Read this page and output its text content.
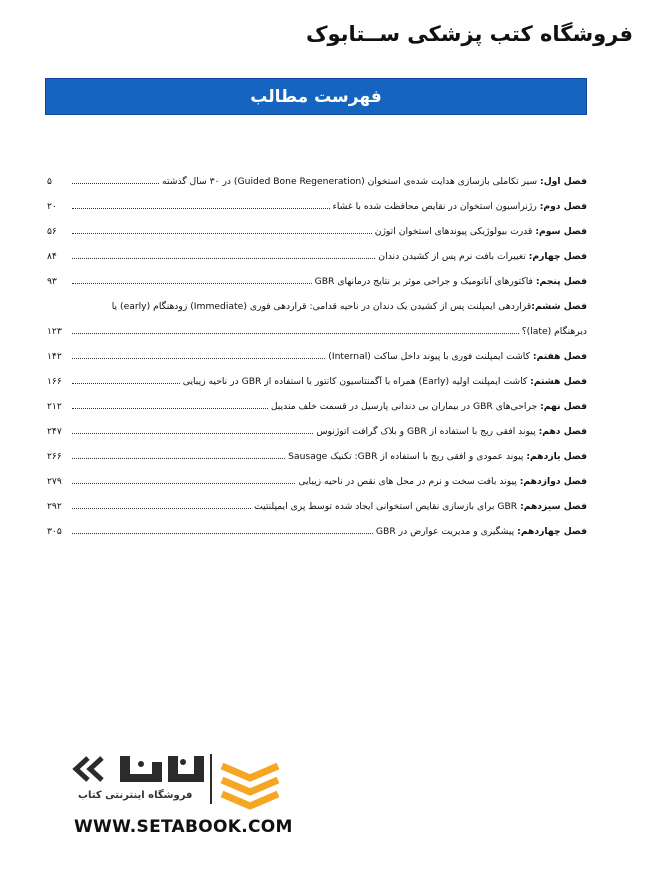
فروشگاه کتب پزشکی ســتابوک
فهرست مطالب
فصل اول: سیر تکاملی بازسازی هدایت شده‌ی استخوان (Guided Bone Regeneration) در ۳۰ سال گذشته
۵
فصل دوم: رژنراسیون استخوان در نقایص محافظت شده با غشاء
۲۰
فصل سوم: قدرت بیولوژیکی پیوندهای استخوان اتوژن
۵۶
فصل چهارم: تغییرات بافت نرم پس از کشیدن دندان
۸۴
فصل پنجم: فاکتورهای آناتومیک و جراحی موثر بر نتایج درمانهای GBR
۹۳
فصل ششم:
قراردهی ایمپلنت پس از کشیدن یک دندان در ناحیه قدامی: قراردهی فوری (Immediate) زودهنگام (early) یا
دیرهنگام (late)؟
۱۲۳
فصل هفتم: کاشت ایمپلنت فوری با پیوند داخل ساکت (Internal)
۱۴۲
فصل هشتم: کاشت ایمپلنت اولیه (Early) همراه با آگمنتاسیون کانتور با استفاده از GBR در ناحیه زیبایی
۱۶۶
فصل نهم: جراحی‌های GBR در بیماران بی دندانی پارسیل در قسمت خلف مندیبل
۲۱۲
فصل دهم: پیوند افقی ریج با استفاده از GBR و بلاک گرافت اتوژنوس
۲۴۷
فصل یازدهم: پیوند عمودی و افقی ریج با استفاده از GBR: تکنیک Sausage
۲۶۶
فصل دوازدهم: پیوند بافت سخت و نرم در محل های نقص در ناحیه زیبایی
۲۷۹
فصل سیزدهم: GBR برای بازسازی نقایص استخوانی ایجاد شده توسط پری ایمپلنتیت
۲۹۲
فصل چهاردهم: پیشگیری و مدیریت عوارض در GBR
۳۰۵
فروشگاه اینترنتی کتاب
WWW.SETABOOK.COM
